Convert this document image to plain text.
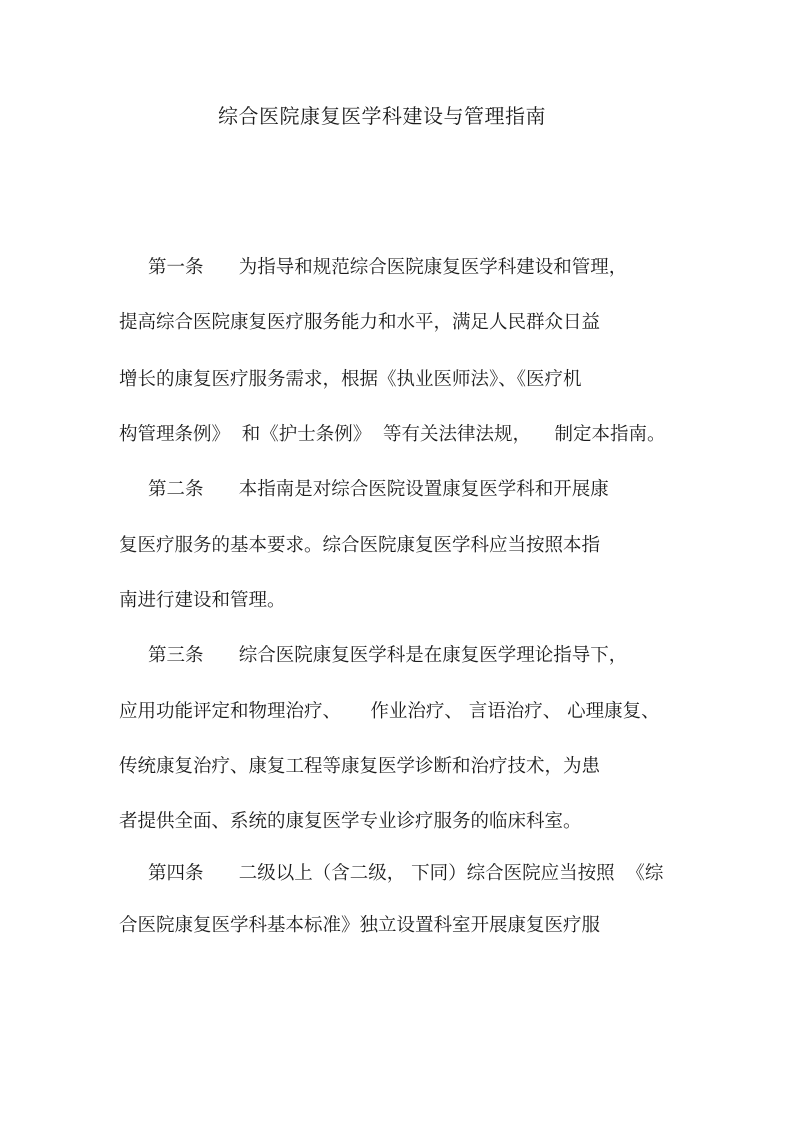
综合医院康复医学科建设与管理指南
第一条      为指导和规范综合医院康复医学科建设和管理，
提高综合医院康复医疗服务能力和水平，满足人民群众日益
增长的康复医疗服务需求，根据《执业医师法》、《医疗机
构管理条例》  和《护士条例》  等有关法律法规，    制定本指南。
第二条      本指南是对综合医院设置康复医学科和开展康
复医疗服务的基本要求。综合医院康复医学科应当按照本指
南进行建设和管理。
第三条      综合医院康复医学科是在康复医学理论指导下，
应用功能评定和物理治疗、     作业治疗、 言语治疗、 心理康复、
传统康复治疗、康复工程等康复医学诊断和治疗技术，为患
者提供全面、系统的康复医学专业诊疗服务的临床科室。
第四条      二级以上（含二级， 下同）综合医院应当按照  《综
合医院康复医学科基本标准》独立设置科室开展康复医疗服
